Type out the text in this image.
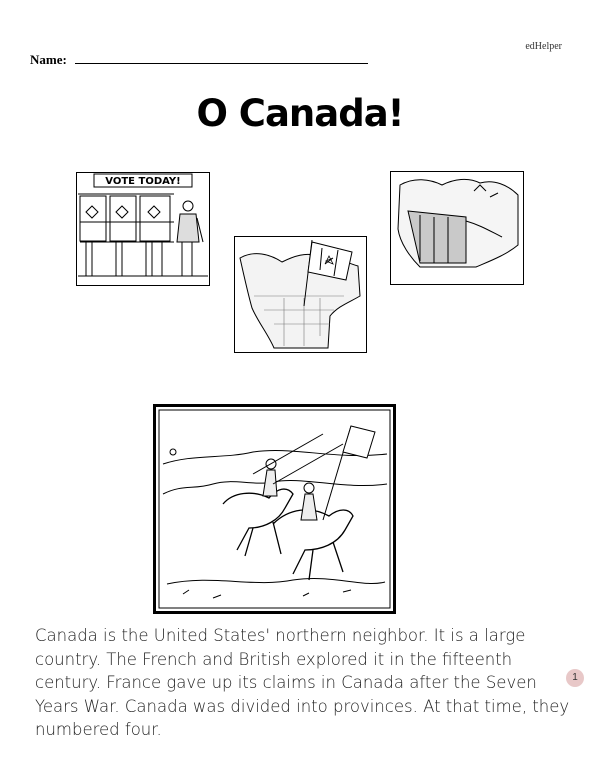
edHelper
Name:
O Canada!
VOTE TODAY!
Canada is the United States' northern neighbor. It is a large country. The French and British explored it in the fifteenth century. France gave up its claims in Canada after the Seven Years War. Canada was divided into provinces. At that time, they numbered four.
1
